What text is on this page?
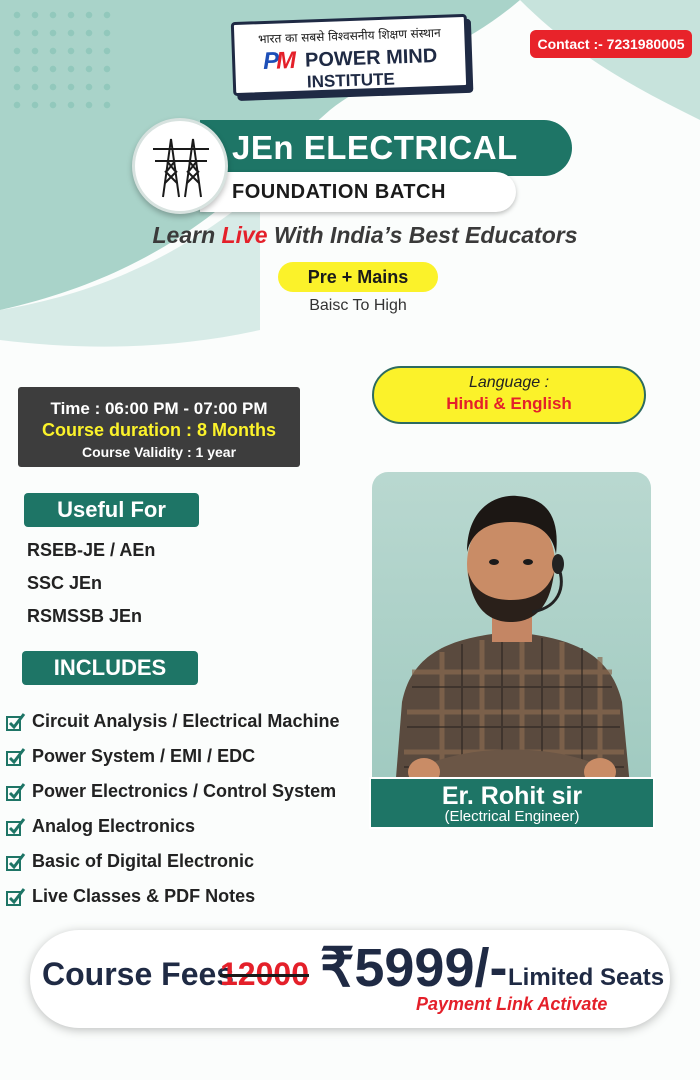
भारत का सबसे विश्वसनीय शिक्षण संस्थान
P
M POWER MIND
INSTITUTE
Contact :- 7231980005
JEn ELECTRICAL
FOUNDATION BATCH
Learn Live With India’s Best Educators
Pre + Mains
Baisc To High
Time : 06:00 PM - 07:00 PM
Course duration : 8 Months
Course Validity : 1 year
Language :
Hindi & English
Useful For
RSEB-JE / AEn
SSC JEn
RSMSSB JEn
INCLUDES
Circuit Analysis / Electrical Machine
Power System / EMI / EDC
Power Electronics / Control System
Analog Electronics
Basic of Digital Electronic
Live Classes & PDF Notes
Er. Rohit sir
(Electrical Engineer)
Course Fees
12000 ₹5999/- Limited Seats
Payment Link Activate
